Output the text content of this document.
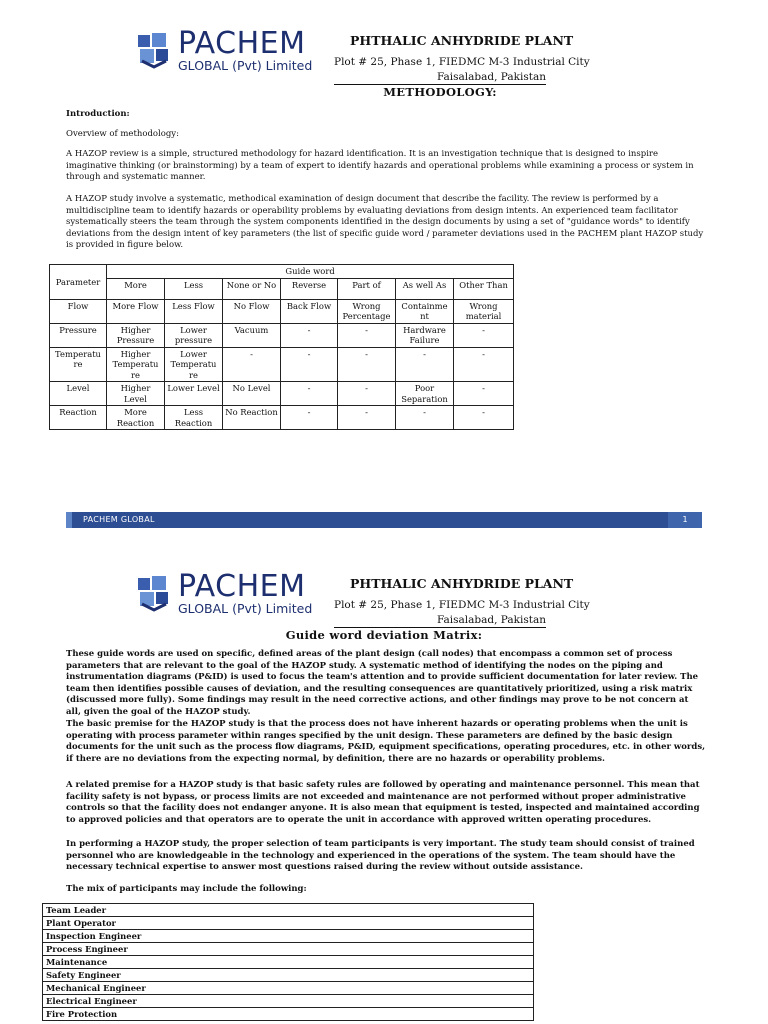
PACHEM
GLOBAL (Pvt) Limited
PHTHALIC ANHYDRIDE PLANT
Plot # 25, Phase 1, FIEDMC M-3 Industrial City
Faisalabad, Pakistan
METHODOLOGY:
Introduction:
Overview of methodology:
A HAZOP review is a simple, structured methodology for hazard identification. It is an investigation technique that is designed to inspire imaginative thinking (or brainstorming) by a team of expert to identify hazards and operational problems while examining a process or system in through and systematic manner.
A HAZOP study involve a systematic, methodical examination of design document that describe the facility. The review is performed by a multidiscipline team to identify hazards or operability problems by evaluating deviations from design intents. An experienced team facilitator systematically steers the team through the system components identified in the design documents by using a set of "guidance words" to identify deviations from the design intent of key parameters (the list of specific guide word / parameter deviations used in the PACHEM plant HAZOP study is provided in figure below.
Parameter	Guide word						
	More	Less	None or No	Reverse	Part of	As well As	Other Than
Flow	More Flow	Less Flow	No Flow	Back Flow	Wrong Percentage	Containme nt	Wrong material
Pressure	Higher Pressure	Lower pressure	Vacuum	-	-	Hardware Failure	-
Temperatu re	Higher Temperatu re	Lower Temperatu re	-	-	-	-	-
Level	Higher Level	Lower Level	No Level	-	-	Poor Separation	-
Reaction	More Reaction	Less Reaction	No Reaction	-	-	-	-
PACHEM GLOBAL	1
PACHEM
GLOBAL (Pvt) Limited
PHTHALIC ANHYDRIDE PLANT
Plot # 25, Phase 1, FIEDMC M-3 Industrial City
Faisalabad, Pakistan
Guide word deviation Matrix:
These guide words are used on specific, defined areas of the plant design (call nodes) that encompass a common set of process parameters that are relevant to the goal of the HAZOP study. A systematic method of identifying the nodes on the piping and instrumentation diagrams (P&ID) is used to focus the team's attention and to provide sufficient documentation for later review. The team then identifies possible causes of deviation, and the resulting consequences are quantitatively prioritized, using a risk matrix (discussed more fully). Some findings may result in the need corrective actions, and other findings may prove to be not concern at all, given the goal of the HAZOP study.
The basic premise for the HAZOP study is that the process does not have inherent hazards or operating problems when the unit is operating with process parameter within ranges specified by the unit design. These parameters are defined by the basic design documents for the unit such as the process flow diagrams, P&ID, equipment specifications, operating procedures, etc. in other words, if there are no deviations from the expecting normal, by definition, there are no hazards or operability problems.
A related premise for a HAZOP study is that basic safety rules are followed by operating and maintenance personnel. This mean that facility safety is not bypass, or process limits are not exceeded and maintenance are not performed without proper administrative controls so that the facility does not endanger anyone. It is also mean that equipment is tested, inspected and maintained according to approved policies and that operators are to operate the unit in accordance with approved written operating procedures.
In performing a HAZOP study, the proper selection of team participants is very important. The study team should consist of trained personnel who are knowledgeable in the technology and experienced in the operations of the system. The team should have the necessary technical expertise to answer most questions raised during the review without outside assistance.
The mix of participants may include the following:
Team Leader
Plant Operator
Inspection Engineer
Process Engineer
Maintenance
Safety Engineer
Mechanical Engineer
Electrical Engineer
Fire Protection
